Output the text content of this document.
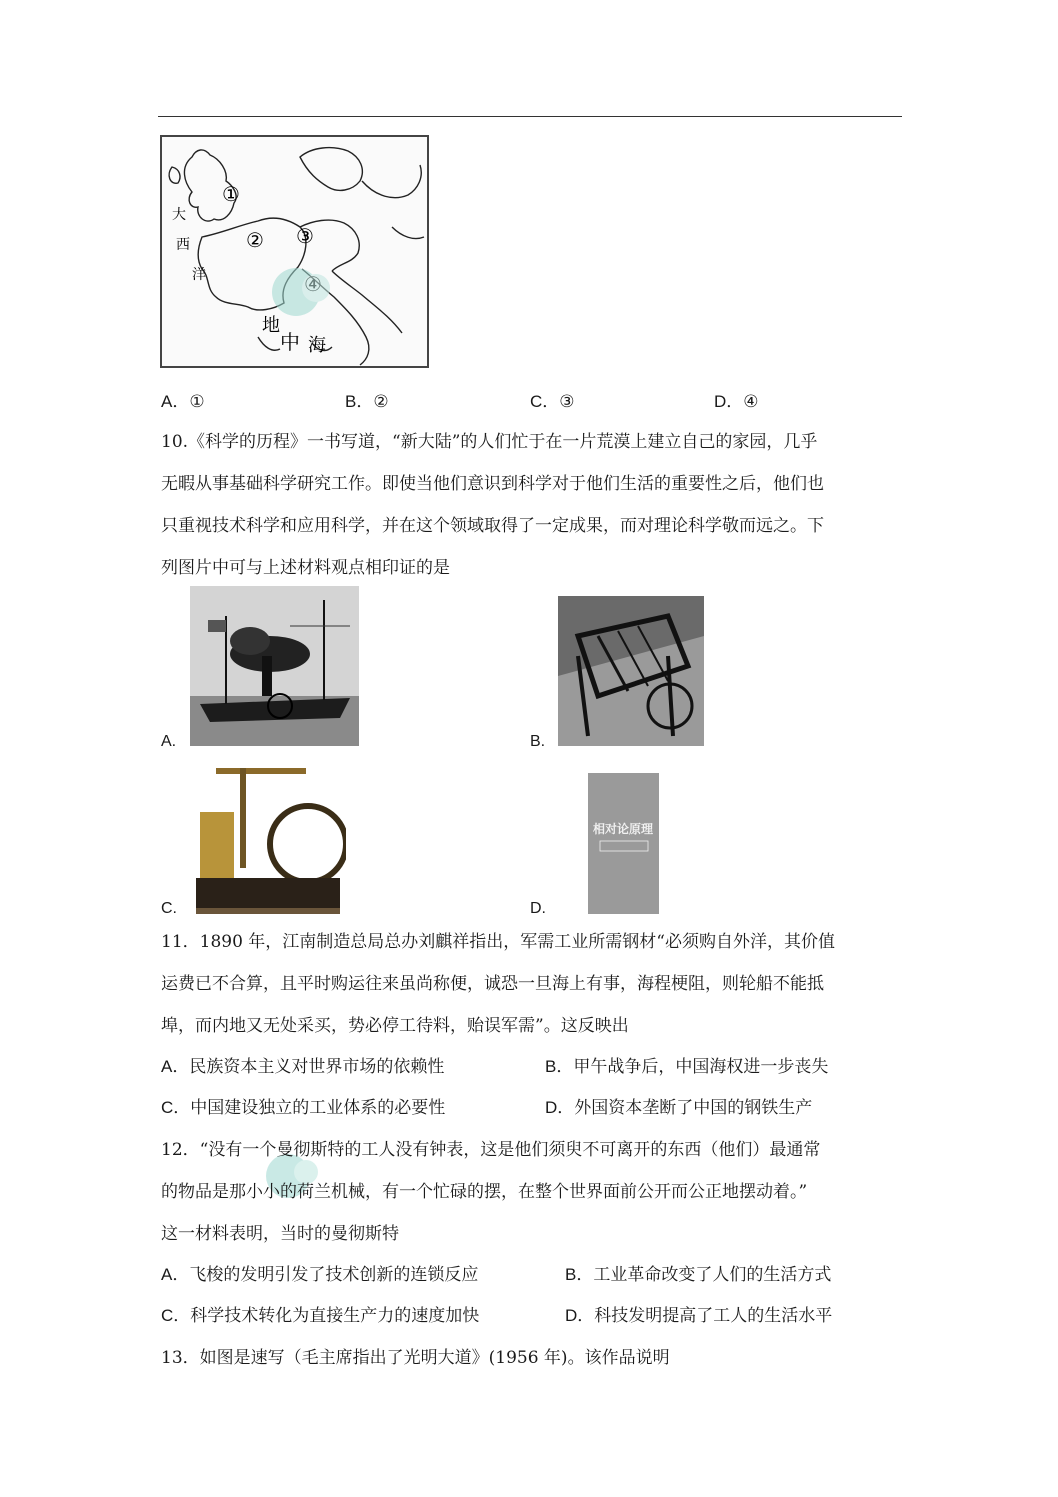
①
② ③
大
西
洋
地
中 海
A．①	B．②	C．③	D．④
10.《科学的历程》一书写道，“新大陆”的人们忙于在一片荒漠上建立自己的家园，几乎
无暇从事基础科学研究工作。即使当他们意识到科学对于他们生活的重要性之后，他们也
只重视技术科学和应用科学，并在这个领域取得了一定成果，而对理论科学敬而远之。下
列图片中可与上述材料观点相印证的是
A.	B.
C.	D.
相对论原理
11．1890 年，江南制造总局总办刘麒祥指出，军需工业所需钢材“必须购自外洋，其价值
运费已不合算，且平时购运往来虽尚称便，诚恐一旦海上有事，海程梗阻，则轮船不能抵
埠，而内地又无处采买，势必停工待料，贻误军需”。这反映出
A．民族资本主义对世界市场的依赖性	B．甲午战争后，中国海权进一步丧失
C．中国建设独立的工业体系的必要性	D．外国资本垄断了中国的钢铁生产
12．“没有一个曼彻斯特的工人没有钟表，这是他们须臾不可离开的东西（他们）最通常
的物品是那小小的荷兰机械，有一个忙碌的摆，在整个世界面前公开而公正地摆动着。”
这一材料表明，当时的曼彻斯特
A．飞梭的发明引发了技术创新的连锁反应	B．工业革命改变了人们的生活方式
C．科学技术转化为直接生产力的速度加快	D．科技发明提高了工人的生活水平
13．如图是速写（毛主席指出了光明大道》(1956 年)。该作品说明
